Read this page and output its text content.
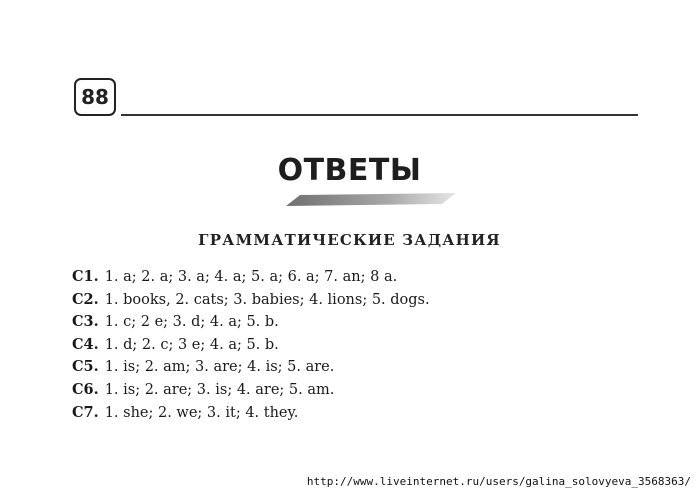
88
ОТВЕТЫ
ГРАММАТИЧЕСКИЕ ЗАДАНИЯ
C1. 1. a; 2. a; 3. a; 4. a; 5. a; 6. a; 7. an; 8 a.
C2. 1. books, 2. cats; 3. babies; 4. lions; 5. dogs.
C3. 1. c; 2 e; 3. d; 4. a; 5. b.
C4. 1. d; 2. c; 3 e; 4. a; 5. b.
C5. 1. is; 2. am; 3. are; 4. is; 5. are.
C6. 1. is; 2. are; 3. is; 4. are; 5. am.
C7. 1. she; 2. we; 3. it; 4. they.
http://www.liveinternet.ru/users/galina_solovyeva_3568363/
